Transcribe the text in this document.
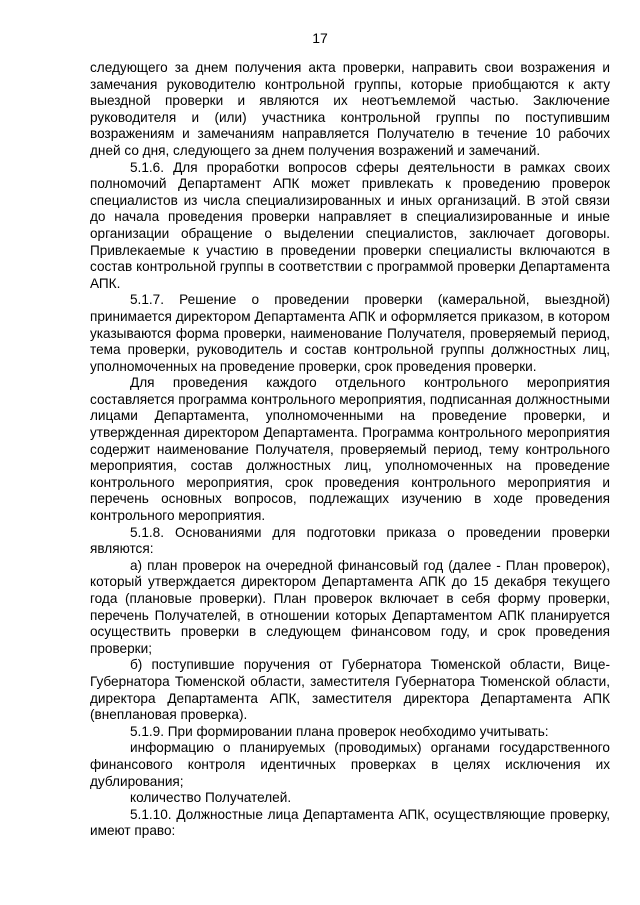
17

следующего за днем получения акта проверки, направить свои возражения и замечания руководителю контрольной группы, которые приобщаются к акту выездной проверки и являются их неотъемлемой частью. Заключение руководителя и (или) участника контрольной группы по поступившим возражениям и замечаниям направляется Получателю в течение 10 рабочих дней со дня, следующего за днем получения возражений и замечаний.

5.1.6. Для проработки вопросов сферы деятельности в рамках своих полномочий Департамент АПК может привлекать к проведению проверок специалистов из числа специализированных и иных организаций. В этой связи до начала проведения проверки направляет в специализированные и иные организации обращение о выделении специалистов, заключает договоры. Привлекаемые к участию в проведении проверки специалисты включаются в состав контрольной группы в соответствии с программой проверки Департамента АПК.

5.1.7. Решение о проведении проверки (камеральной, выездной) принимается директором Департамента АПК и оформляется приказом, в котором указываются форма проверки, наименование Получателя, проверяемый период, тема проверки, руководитель и состав контрольной группы должностных лиц, уполномоченных на проведение проверки, срок проведения проверки.

Для проведения каждого отдельного контрольного мероприятия составляется программа контрольного мероприятия, подписанная должностными лицами Департамента, уполномоченными на проведение проверки, и утвержденная директором Департамента. Программа контрольного мероприятия содержит наименование Получателя, проверяемый период, тему контрольного мероприятия, состав должностных лиц, уполномоченных на проведение контрольного мероприятия, срок проведения контрольного мероприятия и перечень основных вопросов, подлежащих изучению в ходе проведения контрольного мероприятия.

5.1.8. Основаниями для подготовки приказа о проведении проверки являются:

а) план проверок на очередной финансовый год (далее - План проверок), который утверждается директором Департамента АПК до 15 декабря текущего года (плановые проверки). План проверок включает в себя форму проверки, перечень Получателей, в отношении которых Департаментом АПК планируется осуществить проверки в следующем финансовом году, и срок проведения проверки;

б) поступившие поручения от Губернатора Тюменской области, Вице-Губернатора Тюменской области, заместителя Губернатора Тюменской области, директора Департамента АПК, заместителя директора Департамента АПК (внеплановая проверка).

5.1.9. При формировании плана проверок необходимо учитывать:

информацию о планируемых (проводимых) органами государственного финансового контроля идентичных проверках в целях исключения их дублирования;

количество Получателей.

5.1.10. Должностные лица Департамента АПК, осуществляющие проверку, имеют право:
